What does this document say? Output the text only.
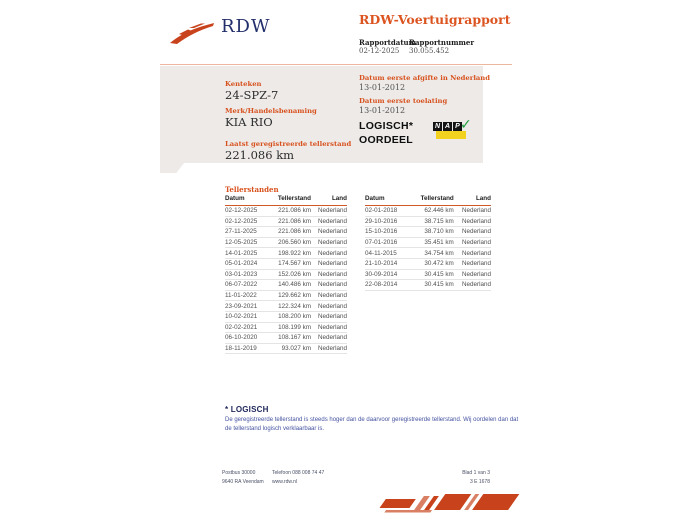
RDW	RDW-Voertuigrapport
Rapportdatum
02-12-2025
Rapportnummer
30.055.452
Kenteken
24-SPZ-7
Merk/Handelsbenaming
KIA RIO
Laatst geregistreerde tellerstand
221.086 km
Datum eerste afgifte in Nederland
13-01-2012
Datum eerste toelating
13-01-2012
LOGISCH*
OORDEEL
N A P ✓
Tellerstanden
Datum	Tellerstand	Land
02-12-2025	221.086 km	Nederland
02-12-2025	221.086 km	Nederland
27-11-2025	221.086 km	Nederland
12-05-2025	206.560 km	Nederland
14-01-2025	198.922 km	Nederland
05-01-2024	174.567 km	Nederland
03-01-2023	152.026 km	Nederland
06-07-2022	140.486 km	Nederland
11-01-2022	129.662 km	Nederland
23-09-2021	122.324 km	Nederland
10-02-2021	108.200 km	Nederland
02-02-2021	108.199 km	Nederland
06-10-2020	108.167 km	Nederland
18-11-2019	93.027 km	Nederland
Datum	Tellerstand	Land
02-01-2018	62.446 km	Nederland
29-10-2016	38.715 km	Nederland
15-10-2016	38.710 km	Nederland
07-01-2016	35.451 km	Nederland
04-11-2015	34.754 km	Nederland
21-10-2014	30.472 km	Nederland
30-09-2014	30.415 km	Nederland
22-08-2014	30.415 km	Nederland
* LOGISCH
De geregistreerde tellerstand is steeds hoger dan de daarvoor geregistreerde tellerstand. Wij oordelen dan dat de tellerstand logisch verklaarbaar is.
Postbus 30000
9640 RA Veendam
Telefoon 088 008 74 47
www.rdw.nl
Blad 1 van 3
3 E 1678
